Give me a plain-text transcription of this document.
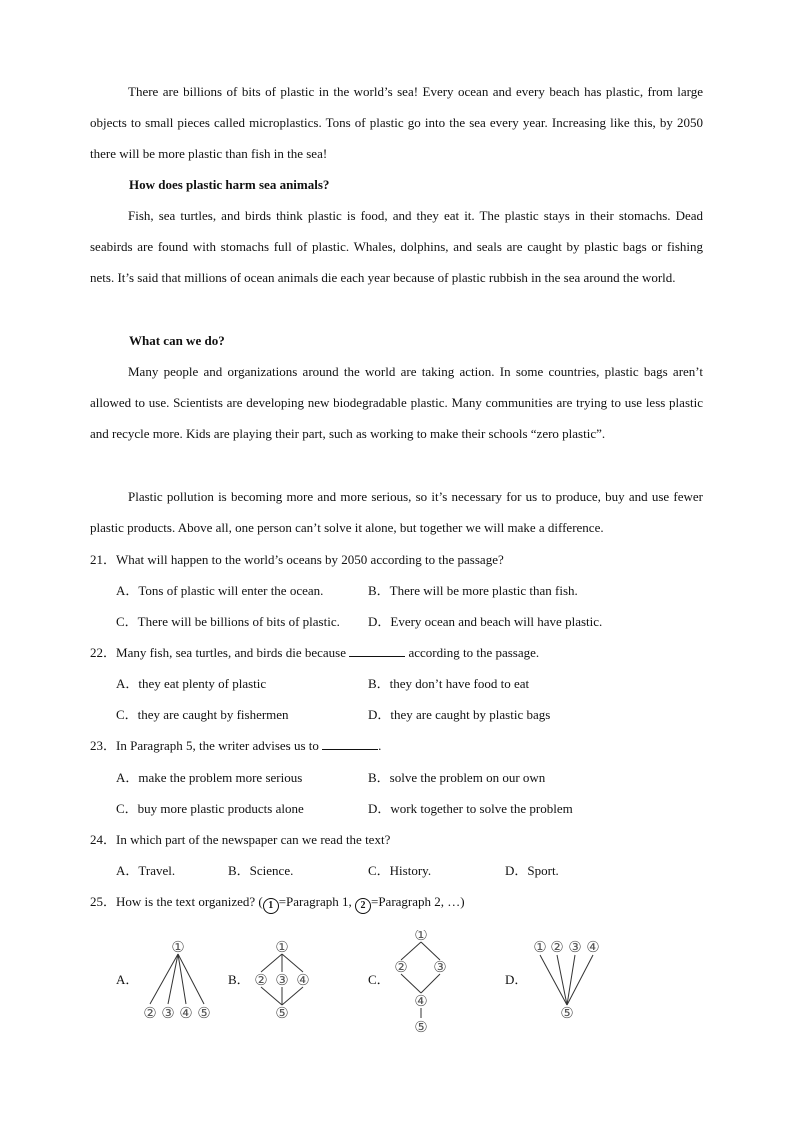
There are billions of bits of plastic in the world’s sea! Every ocean and every beach has plastic, from large objects to small pieces called microplastics. Tons of plastic go into the sea every year. Increasing like this, by 2050 there will be more plastic than fish in the sea!
How does plastic harm sea animals?
Fish, sea turtles, and birds think plastic is food, and they eat it. The plastic stays in their stomachs. Dead seabirds are found with stomachs full of plastic. Whales, dolphins, and seals are caught by plastic bags or fishing nets. It’s said that millions of ocean animals die each year because of plastic rubbish in the sea around the world.
What can we do?
Many people and organizations around the world are taking action. In some countries, plastic bags aren’t allowed to use. Scientists are developing new biodegradable plastic. Many communities are trying to use less plastic and recycle more. Kids are playing their part, such as working to make their schools “zero plastic”.
Plastic pollution is becoming more and more serious, so it’s necessary for us to produce, buy and use fewer plastic products. Above all, one person can’t solve it alone, but together we will make a difference.
21．What will happen to the world’s oceans by 2050 according to the passage?
A．Tons of plastic will enter the ocean.	B．There will be more plastic than fish.
C．There will be billions of bits of plastic. D．Every ocean and beach will have plastic.
22．Many fish, sea turtles, and birds die because	according to the passage.
A．they eat plenty of plastic	B．they don’t have food to eat
C．they are caught by fishermen	D．they are caught by plastic bags
23．In Paragraph 5, the writer advises us to	.
A．make the problem more serious	B．solve the problem on our own
C．buy more plastic products alone	D．work together to solve the problem
24．In which part of the newspaper can we read the text?
A．Travel.	B．Science.	C．History.	D．Sport.
25．How is the text organized? ( 1 =Paragraph 1, 2 =Paragraph 2, …)
A．	B．	C．	D．
①
② ③ ④ ⑤
①
② ③ ④
⑤
①
② ③
④
⑤
① ② ③ ④
⑤
